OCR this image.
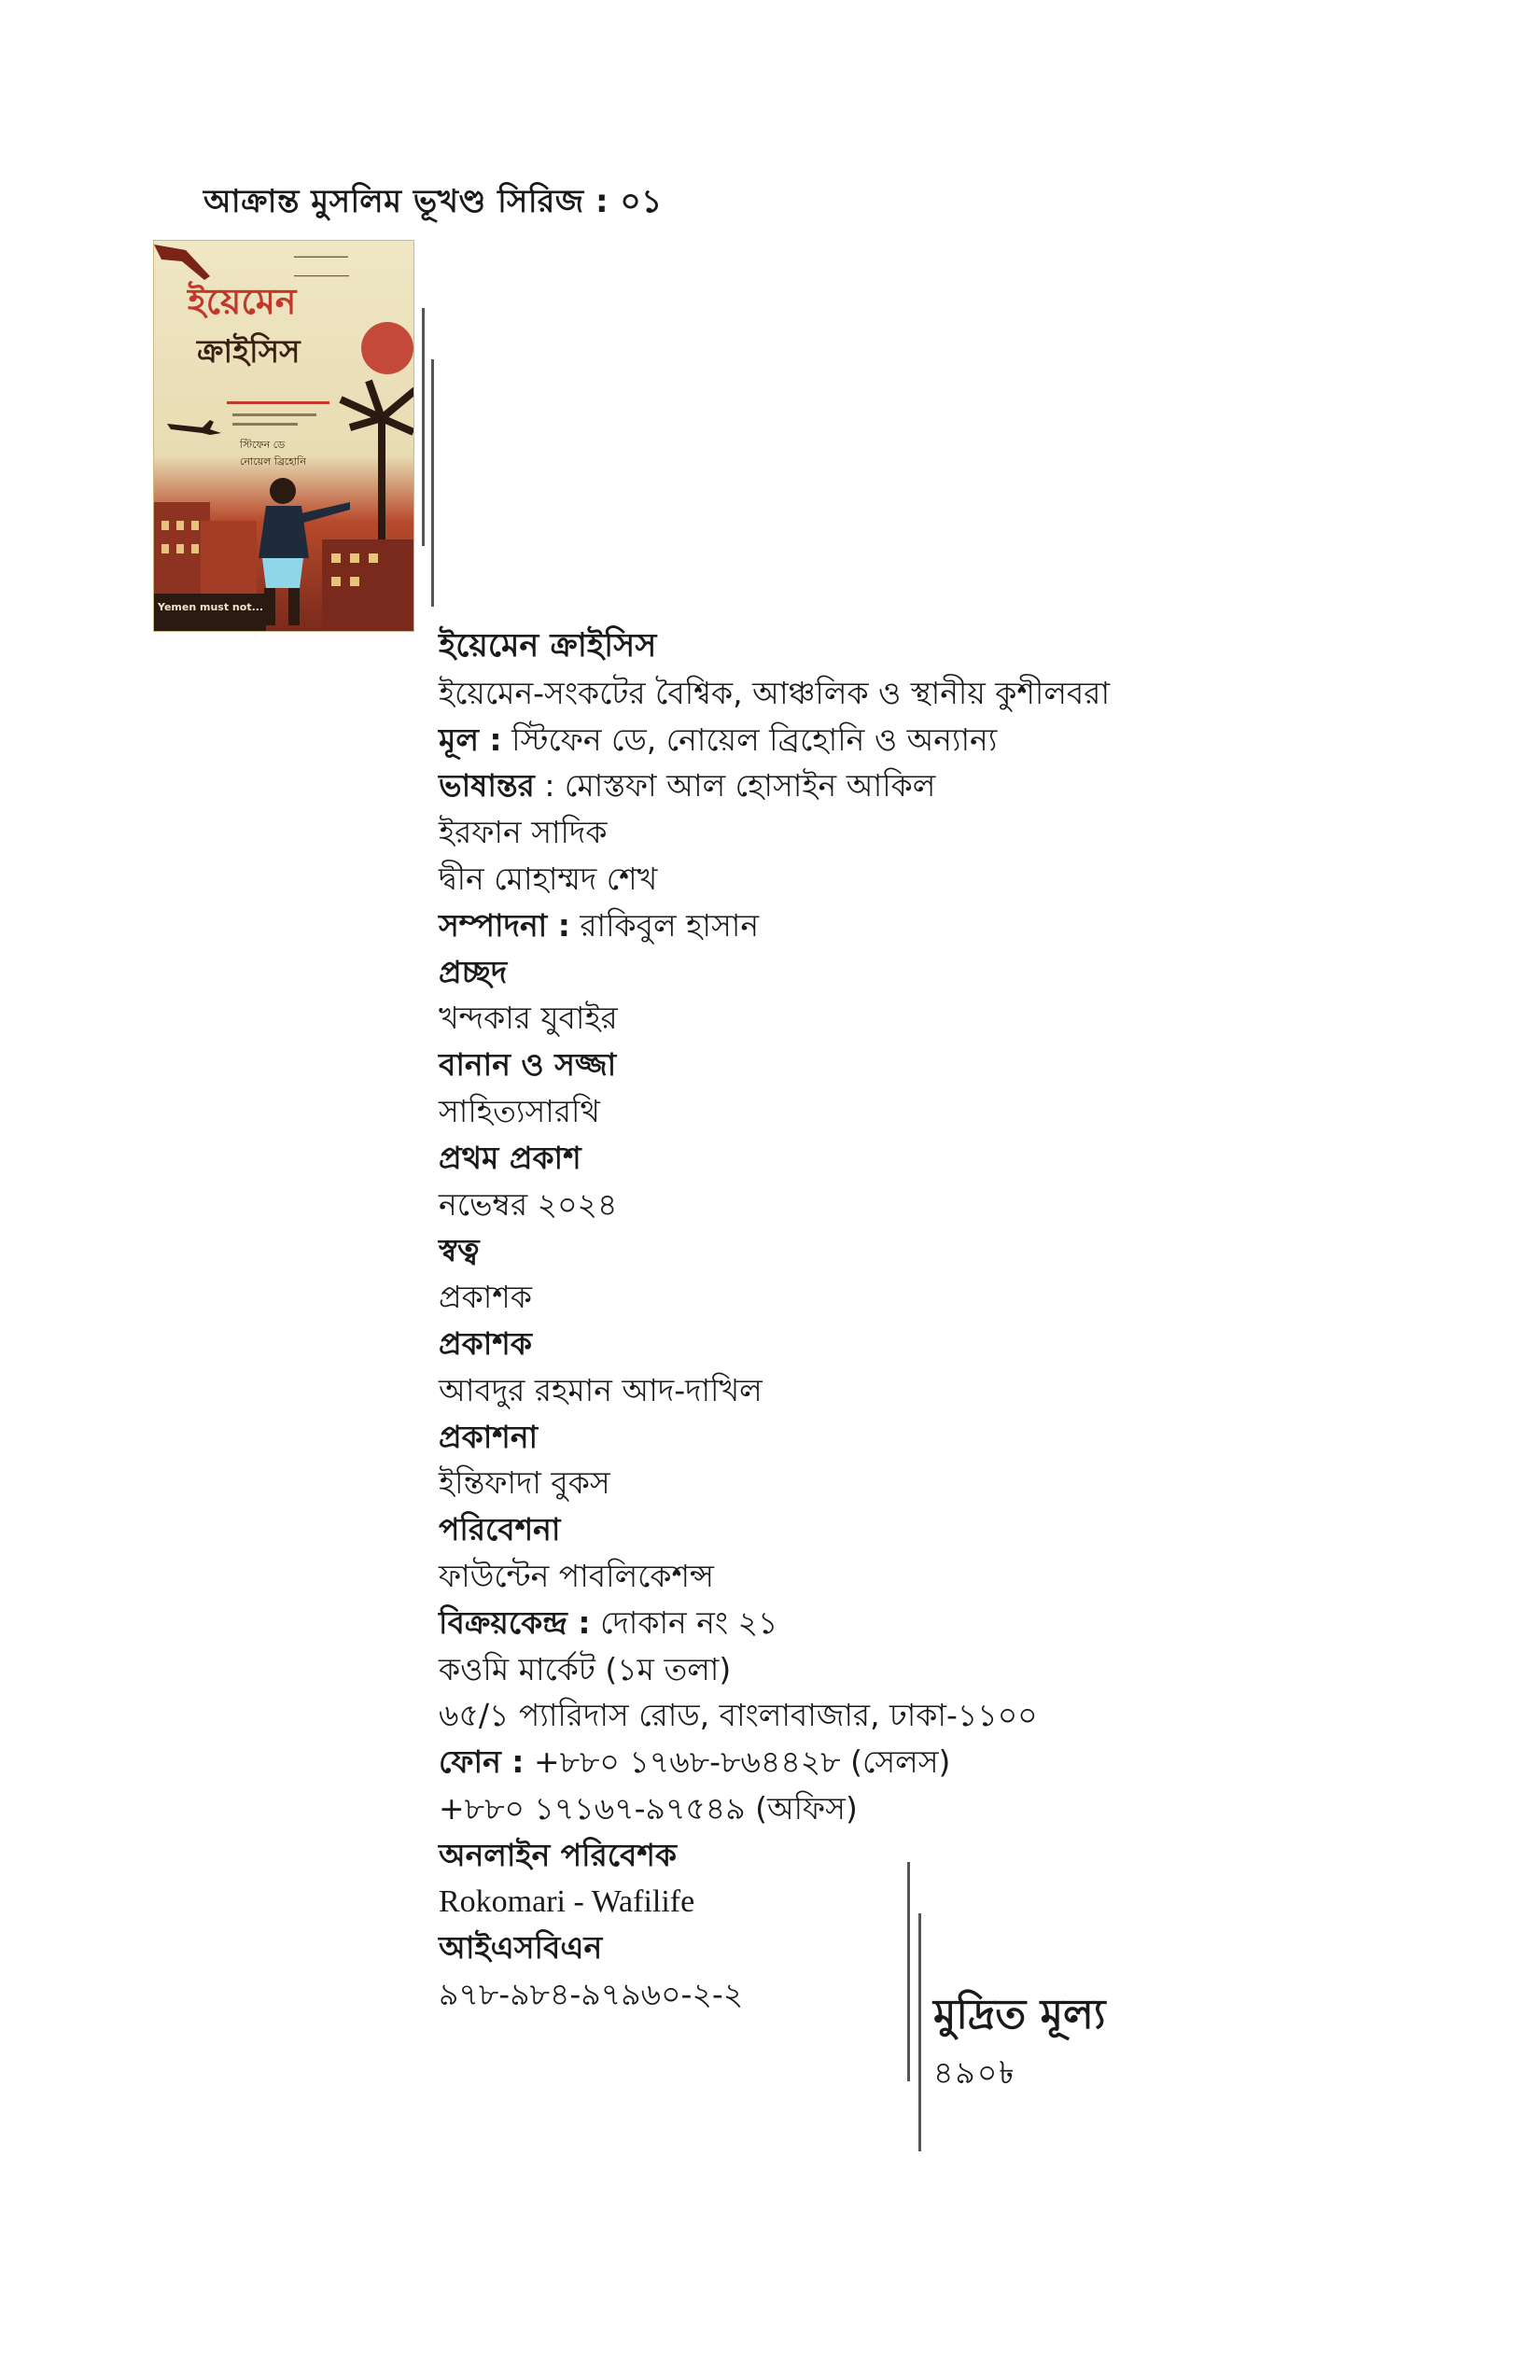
আক্রান্ত মুসলিম ভূখণ্ড সিরিজ : ০১
━━━━━━━━━━━━
━━━━━━━━━━━━━━
ইয়েমেন
ক্রাইসিস
স্টিফেন ডে
নোয়েল ব্রিহোনি
Yemen must not...
ইয়েমেন ক্রাইসিস
ইয়েমেন-সংকটের বৈশ্বিক, আঞ্চলিক ও স্থানীয় কুশীলবরা
মূল : স্টিফেন ডে, নোয়েল ব্রিহোনি ও অন্যান্য
ভাষান্তর : মোস্তফা আল হোসাইন আকিল
ইরফান সাদিক
দ্বীন মোহাম্মদ শেখ
সম্পাদনা : রাকিবুল হাসান
প্রচ্ছদ
খন্দকার যুবাইর
বানান ও সজ্জা
সাহিত্যসারথি
প্রথম প্রকাশ
নভেম্বর ২০২৪
স্বত্ব
প্রকাশক
প্রকাশক
আবদুর রহমান আদ-দাখিল
প্রকাশনা
ইন্তিফাদা বুকস
পরিবেশনা
ফাউন্টেন পাবলিকেশন্স
বিক্রয়কেন্দ্র : দোকান নং ২১
কওমি মার্কেট (১ম তলা)
৬৫/১ প্যারিদাস রোড, বাংলাবাজার, ঢাকা-১১০০
ফোন : +৮৮০ ১৭৬৮-৮৬৪৪২৮ (সেলস)
+৮৮০ ১৭১৬৭-৯৭৫৪৯ (অফিস)
অনলাইন পরিবেশক
Rokomari - Wafilife
আইএসবিএন
৯৭৮-৯৮৪-৯৭৯৬০-২-২	মুদ্রিত মূল্য
৪৯০৳
